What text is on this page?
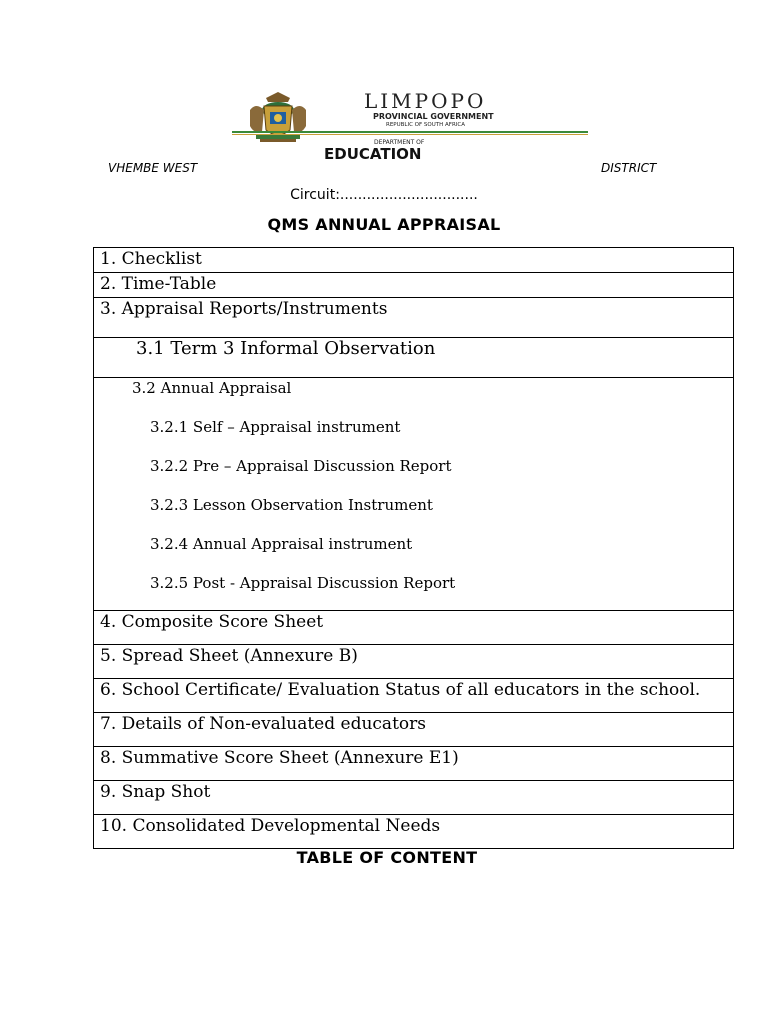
LIMPOPO
PROVINCIAL GOVERNMENT
REPUBLIC OF SOUTH AFRICA
DEPARTMENT OF
EDUCATION
VHEMBE WEST	DISTRICT
Circuit:...............................
QMS ANNUAL APPRAISAL
1. Checklist
2. Time-Table
3. Appraisal Reports/Instruments
3.1 Term 3 Informal Observation

3.2 Annual Appraisal
3.2.1 Self – Appraisal instrument
3.2.2 Pre – Appraisal Discussion Report
3.2.3 Lesson Observation Instrument
3.2.4 Annual Appraisal instrument
3.2.5 Post - Appraisal Discussion Report

4. Composite Score Sheet
5. Spread Sheet (Annexure B)
6. School Certificate/ Evaluation Status of all educators in the school.
7. Details of Non-evaluated educators
8. Summative Score Sheet (Annexure E1)
9. Snap Shot
10. Consolidated Developmental Needs
TABLE OF CONTENT
